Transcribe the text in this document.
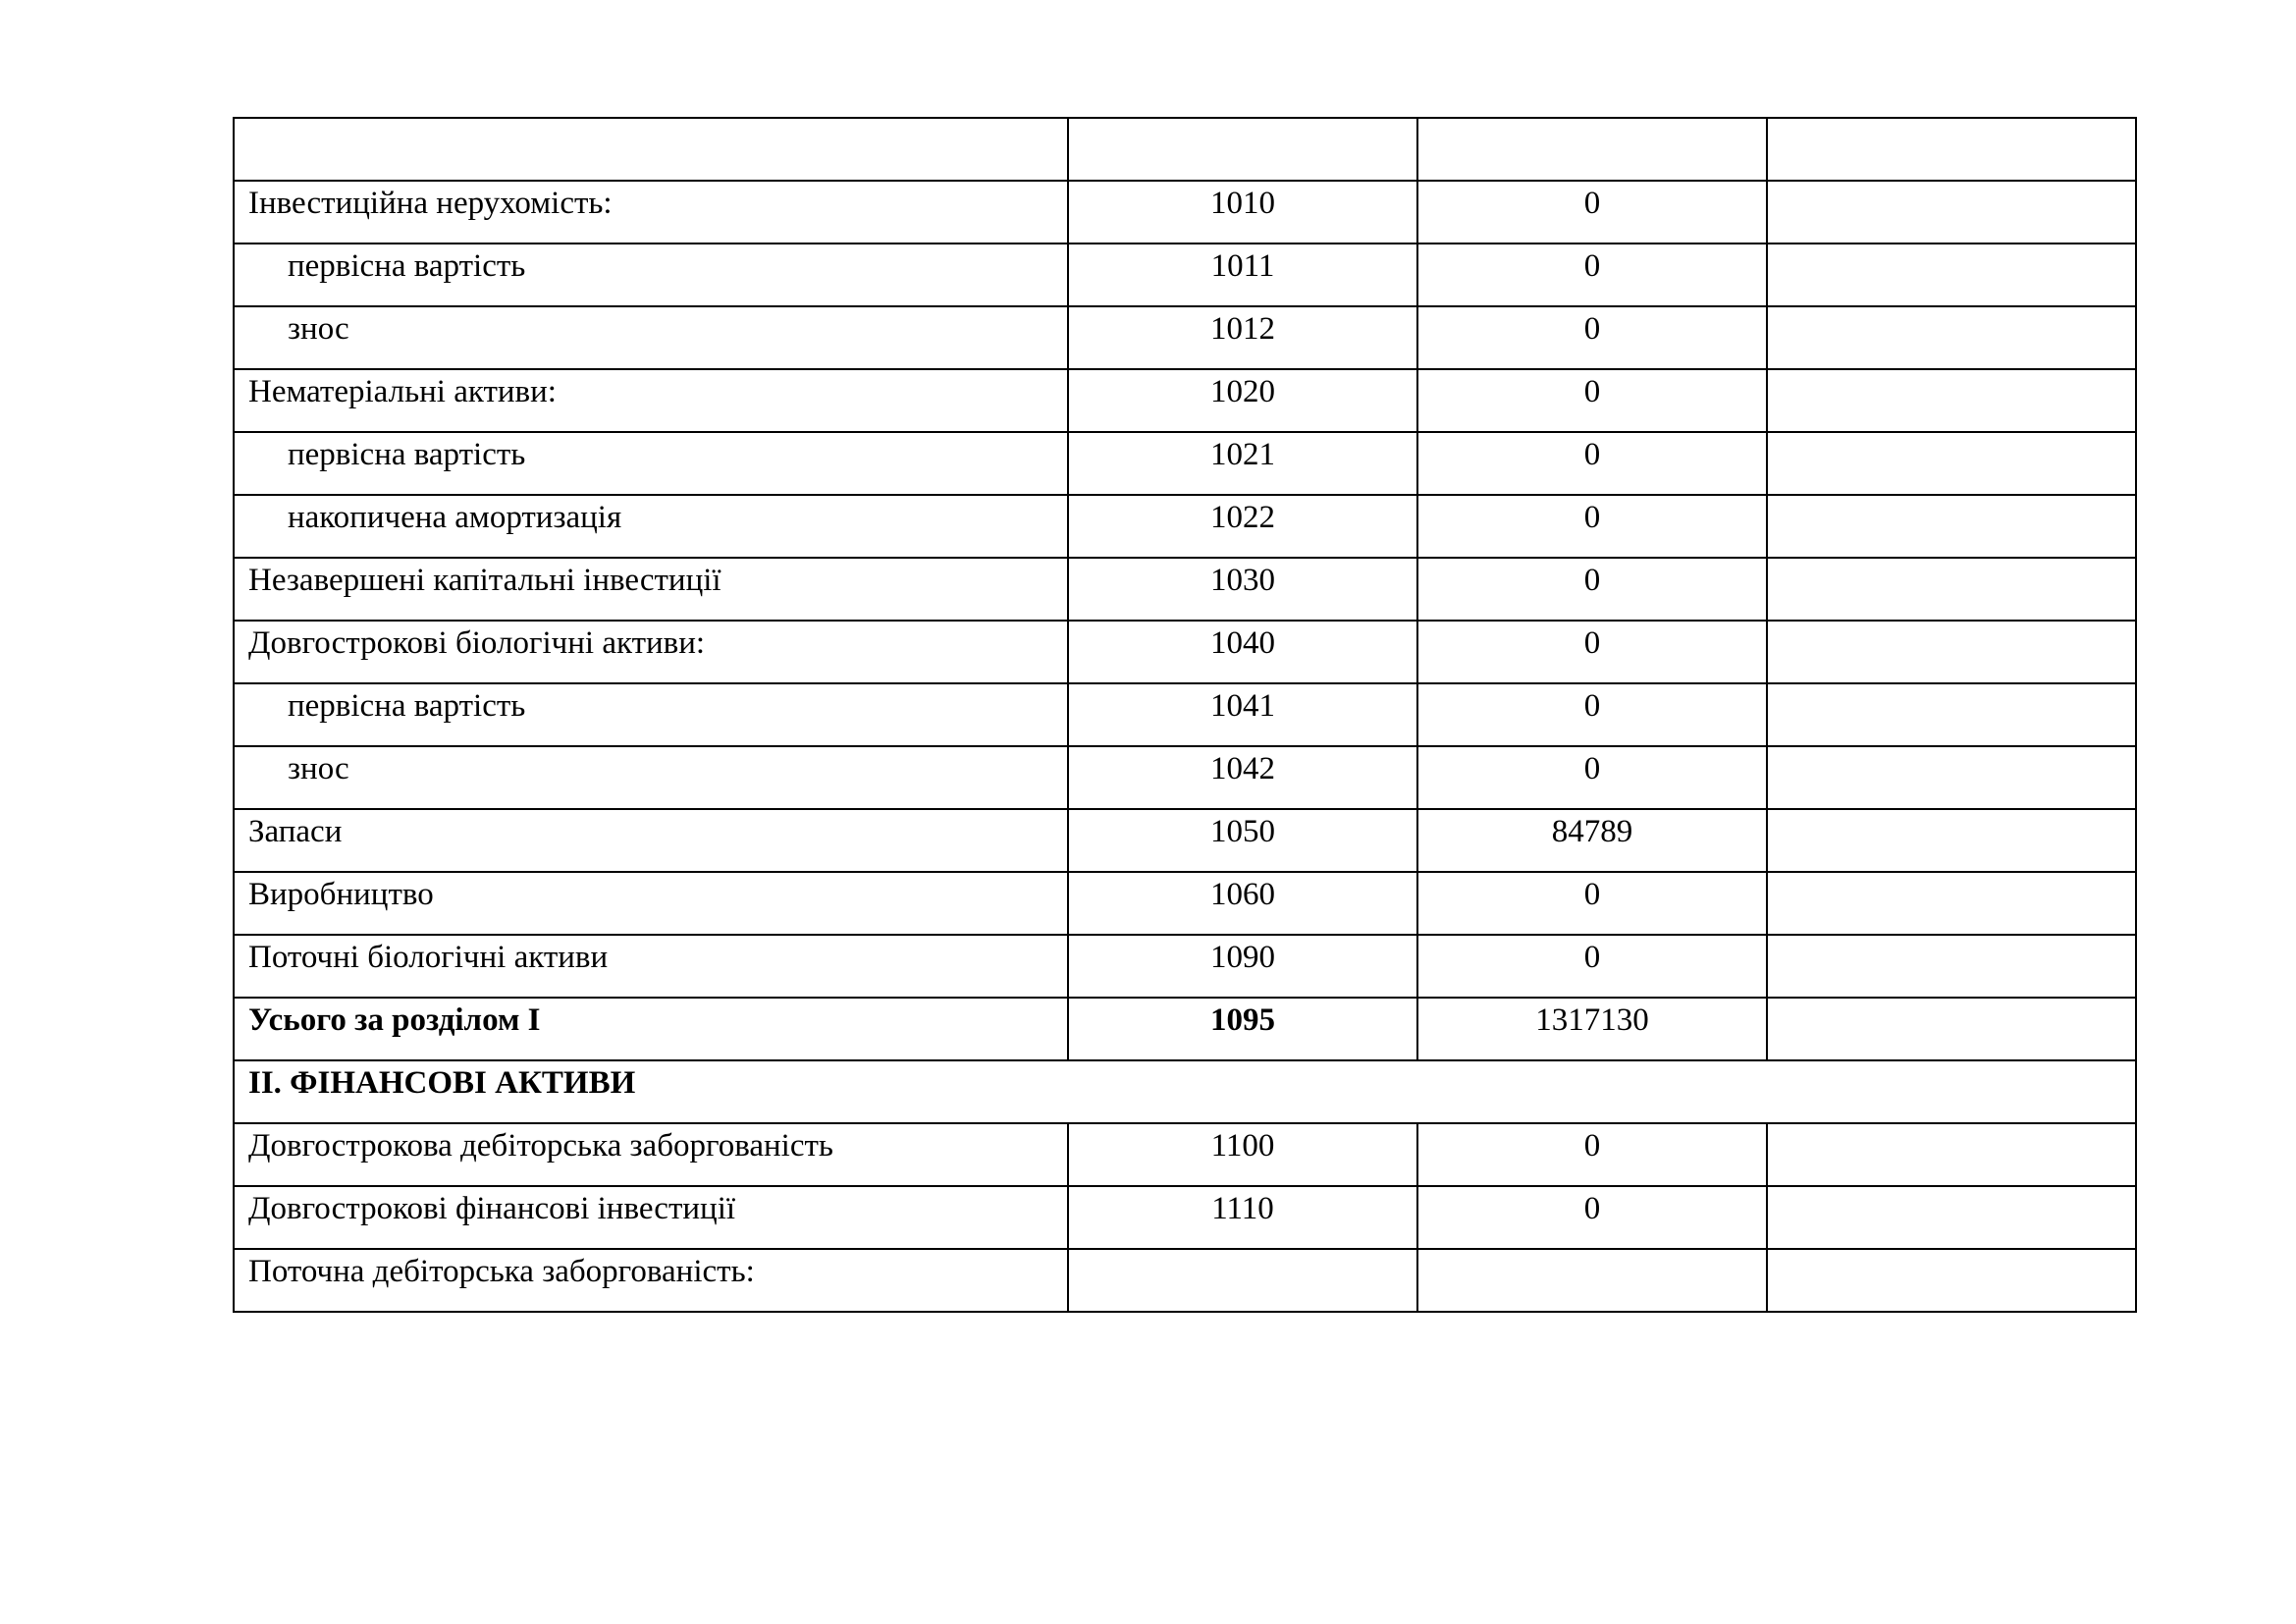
Інвестиційна нерухомість:	1010	0	
первісна вартість	1011	0	
знос	1012	0	
Нематеріальні активи:	1020	0	
первісна вартість	1021	0	
накопичена амортизація	1022	0	
Незавершені капітальні інвестиції	1030	0	
Довгострокові біологічні активи:	1040	0	
первісна вартість	1041	0	
знос	1042	0	
Запаси	1050	84789	
Виробництво	1060	0	
Поточні біологічні активи	1090	0	
Усього за розділом І	1095	1317130	
ІІ. ФІНАНСОВІ АКТИВИ			
Довгострокова дебіторська заборгованість	1100	0	
Довгострокові фінансові інвестиції	1110	0	
Поточна дебіторська заборгованість:			
